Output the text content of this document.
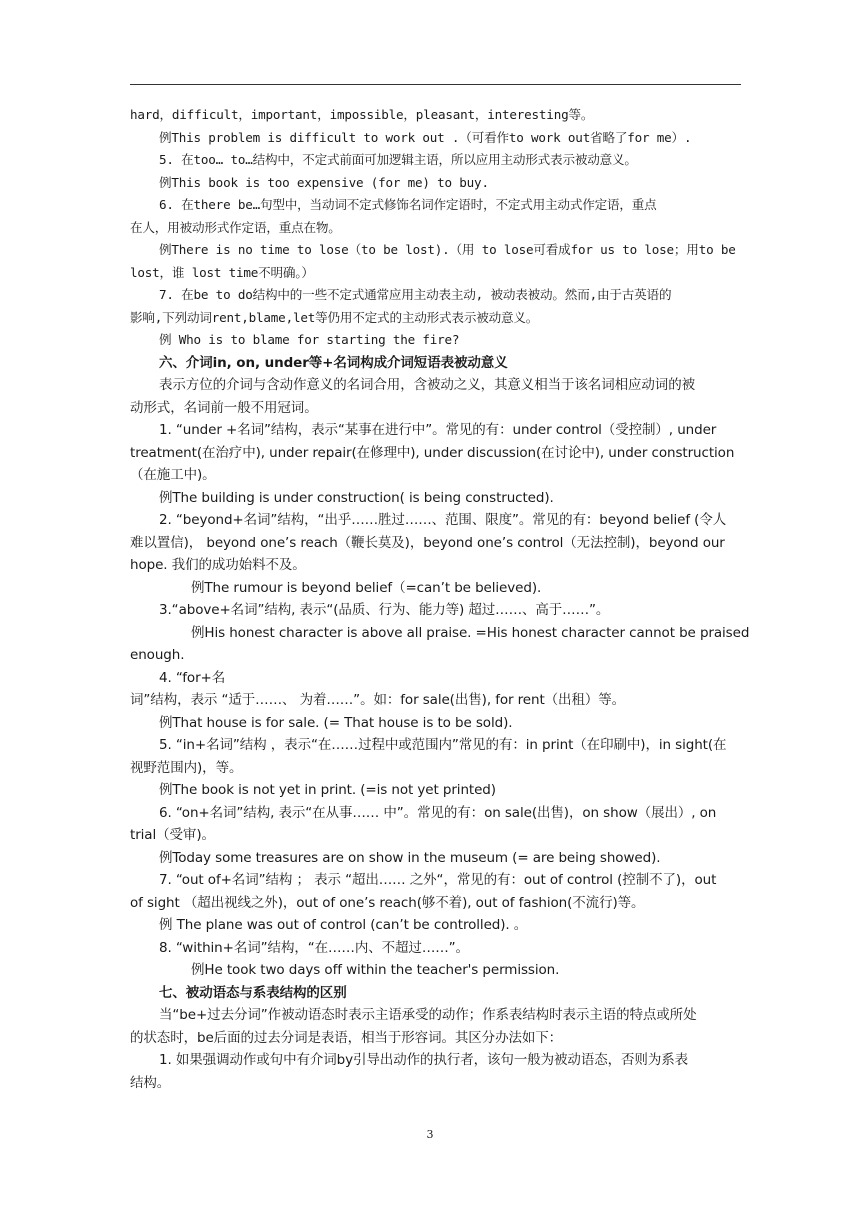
hard，difficult，important，impossible，pleasant，interesting等。

例This problem is difficult to work out .（可看作to work out省略了for me）.

5. 在too… to…结构中，不定式前面可加逻辑主语，所以应用主动形式表示被动意义。

例This book is too expensive (for me) to buy.

6. 在there be…句型中，当动词不定式修饰名词作定语时，不定式用主动式作定语，重点

在人，用被动形式作定语，重点在物。

例There is no time to lose（to be lost).（用 to lose可看成for us to lose；用to be

lost，谁 lost time不明确。）

7. 在be to do结构中的一些不定式通常应用主动表主动, 被动表被动。然而,由于古英语的

影响,下列动词rent,blame,let等仍用不定式的主动形式表示被动意义。

例 Who is to blame for starting the fire?

六、介词in, on, under等+名词构成介词短语表被动意义

表示方位的介词与含动作意义的名词合用，含被动之义，其意义相当于该名词相应动词的被

动形式，名词前一般不用冠词。

1. “under +名词”结构，表示“某事在进行中”。常见的有：under control（受控制）, under

treatment(在治疗中), under repair(在修理中), under discussion(在讨论中), under construction

（在施工中)。

例The building is under construction( is being constructed).

2. “beyond+名词”结构，“出乎……胜过……、范围、限度”。常见的有：beyond belief (令人

难以置信)， beyond one’s reach（鞭长莫及)，beyond one’s control（无法控制)，beyond our

hope. 我们的成功始料不及。

例The rumour is beyond belief（=can’t be believed).

3.“above+名词”结构, 表示“(品质、行为、能力等) 超过……、高于……”。

例His honest character is above all praise. =His honest character cannot be praised

enough.

4. “for+名

词”结构，表示 “适于……、 为着……”。如：for sale(出售), for rent（出租）等。

例That house is for sale. (= That house is to be sold).

5. “in+名词”结构 ，表示“在……过程中或范围内”常见的有：in print（在印刷中)，in sight(在

视野范围内)，等。

例The book is not yet in print. (=is not yet printed)

6. “on+名词”结构, 表示“在从事…… 中”。常见的有：on sale(出售)，on show（展出）, on

trial（受审)。

例Today some treasures are on show in the museum (= are being showed).

7. “out of+名词”结构 ； 表示 “超出…… 之外“，常见的有：out of control (控制不了)，out

of sight （超出视线之外)，out of one’s reach(够不着), out of fashion(不流行)等。

例 The plane was out of control (can’t be controlled). 。

8. “within+名词”结构，“在……内、不超过……”。

例He took two days off within the teacher's permission.

七、被动语态与系表结构的区别

当“be+过去分词”作被动语态时表示主语承受的动作；作系表结构时表示主语的特点或所处

的状态时，be后面的过去分词是表语，相当于形容词。其区分办法如下：

1. 如果强调动作或句中有介词by引导出动作的执行者，该句一般为被动语态，否则为系表

结构。

3
